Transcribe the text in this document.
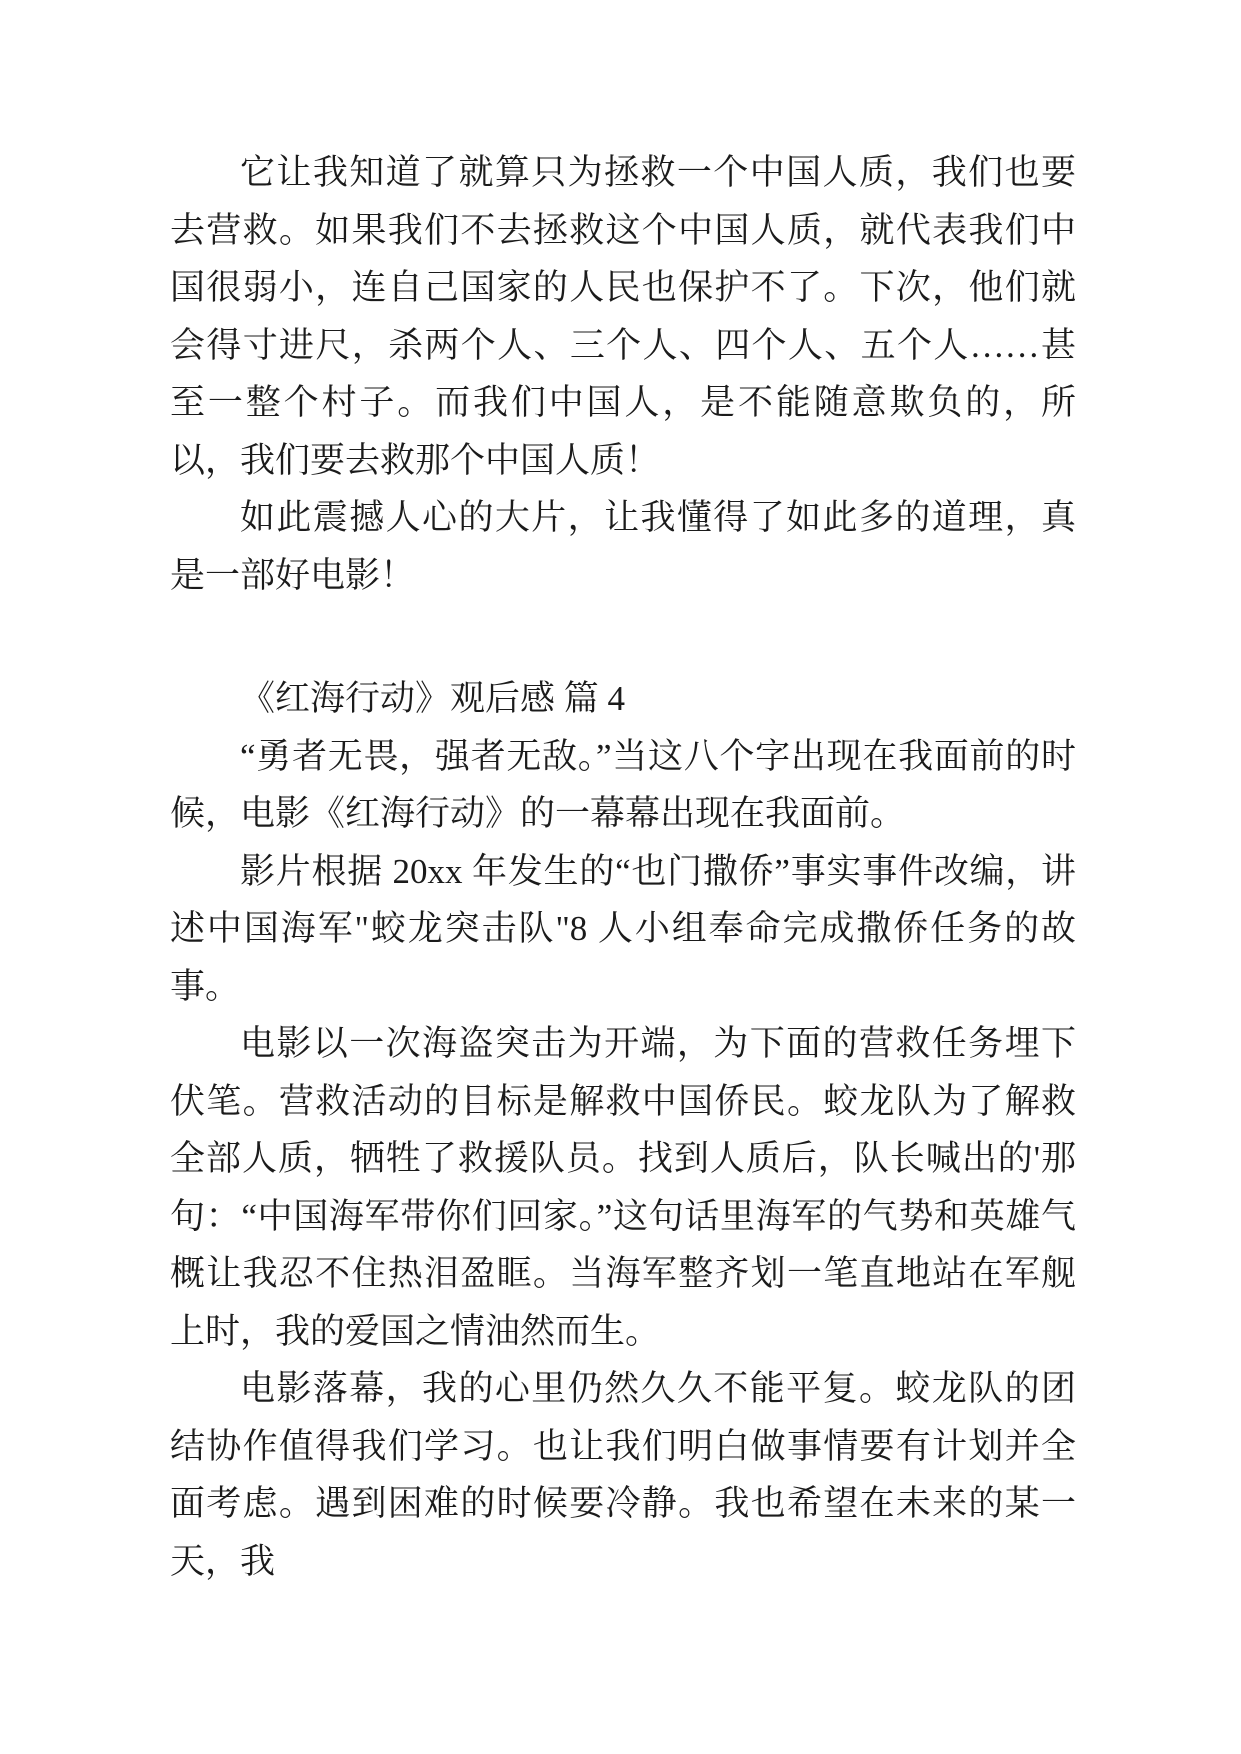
它让我知道了就算只为拯救一个中国人质，我们也要去营救。如果我们不去拯救这个中国人质，就代表我们中国很弱小，连自己国家的人民也保护不了。下次，他们就会得寸进尺，杀两个人、三个人、四个人、五个人……甚至一整个村子。而我们中国人，是不能随意欺负的，所以，我们要去救那个中国人质！

如此震撼人心的大片，让我懂得了如此多的道理，真是一部好电影！

《红海行动》观后感 篇 4

“勇者无畏，强者无敌。”当这八个字出现在我面前的时候，电影《红海行动》的一幕幕出现在我面前。

影片根据 20xx 年发生的“也门撒侨”事实事件改编，讲述中国海军"蛟龙突击队"8 人小组奉命完成撒侨任务的故事。

电影以一次海盗突击为开端，为下面的营救任务埋下伏笔。营救活动的目标是解救中国侨民。蛟龙队为了解救全部人质，牺牲了救援队员。找到人质后，队长喊出的'那句：“中国海军带你们回家。”这句话里海军的气势和英雄气概让我忍不住热泪盈眶。当海军整齐划一笔直地站在军舰上时，我的爱国之情油然而生。

电影落幕，我的心里仍然久久不能平复。蛟龙队的团结协作值得我们学习。也让我们明白做事情要有计划并全面考虑。遇到困难的时候要冷静。我也希望在未来的某一天，我
